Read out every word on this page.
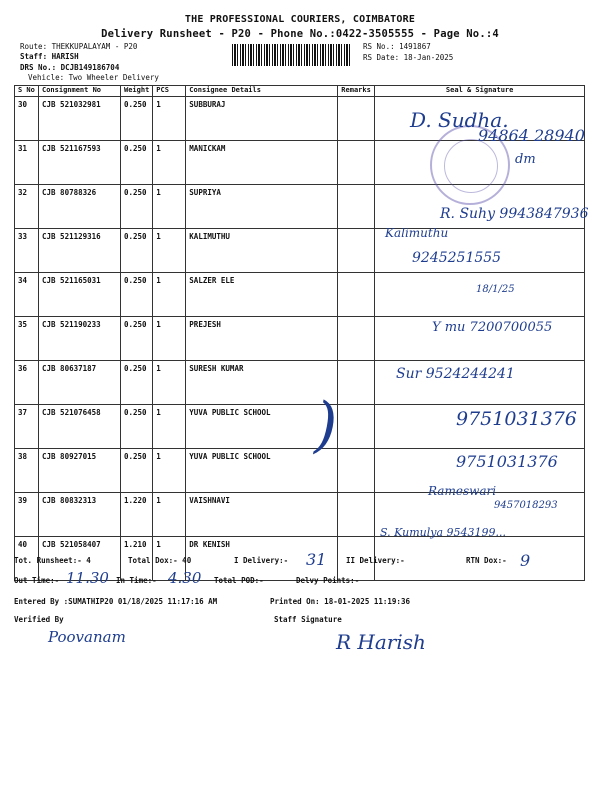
THE PROFESSIONAL COURIERS, COIMBATORE
Delivery Runsheet - P20 - Phone No.:0422-3505555 - Page No.:4
Route: THEKKUPALAYAM - P20
Staff: HARISH
DRS No.: DCJB149186704
Vehicle: Two Wheeler Delivery
RS No.: 1491867
RS Date: 18-Jan-2025
S No	Consignment No	Weight	PCS	Consignee Details	Remarks	Seal & Signature
30	CJB 521032981	0.250	1	SUBBURAJ		
31	CJB 521167593	0.250	1	MANICKAM		
32	CJB 80788326	0.250	1	SUPRIYA		
33	CJB 521129316	0.250	1	KALIMUTHU		
34	CJB 521165031	0.250	1	SALZER ELE		
35	CJB 521190233	0.250	1	PREJESH		
36	CJB 80637187	0.250	1	SURESH KUMAR		
37	CJB 521076458	0.250	1	YUVA PUBLIC SCHOOL		
38	CJB 80927015	0.250	1	YUVA PUBLIC SCHOOL		
39	CJB 80832313	1.220	1	VAISHNAVI		
40	CJB 521058407	1.210	1	DR KENISH		
D. Sudha.
94864 28940
dm
R. Suhy 9943847936
Kalimuthu
9245251555
18/1/25
Y mu 7200700055
Sur 9524244241
9751031376
9751031376
Rameswari
9457018293
S. Kumulya 9543199...
)
Tot. Runsheet:- 4	Total Dox:- 40	I Delivery:- 31	II Delivery:-	RTN Dox:- 9
Out Time:- 11.30 In Time:- 4.30 Total POD:-	Delvy Points:-
Entered By :SUMATHIP20 01/18/2025 11:17:16 AM	Printed On: 18-01-2025 11:19:36
Verified By	Staff Signature
Poovanam	R Harish
